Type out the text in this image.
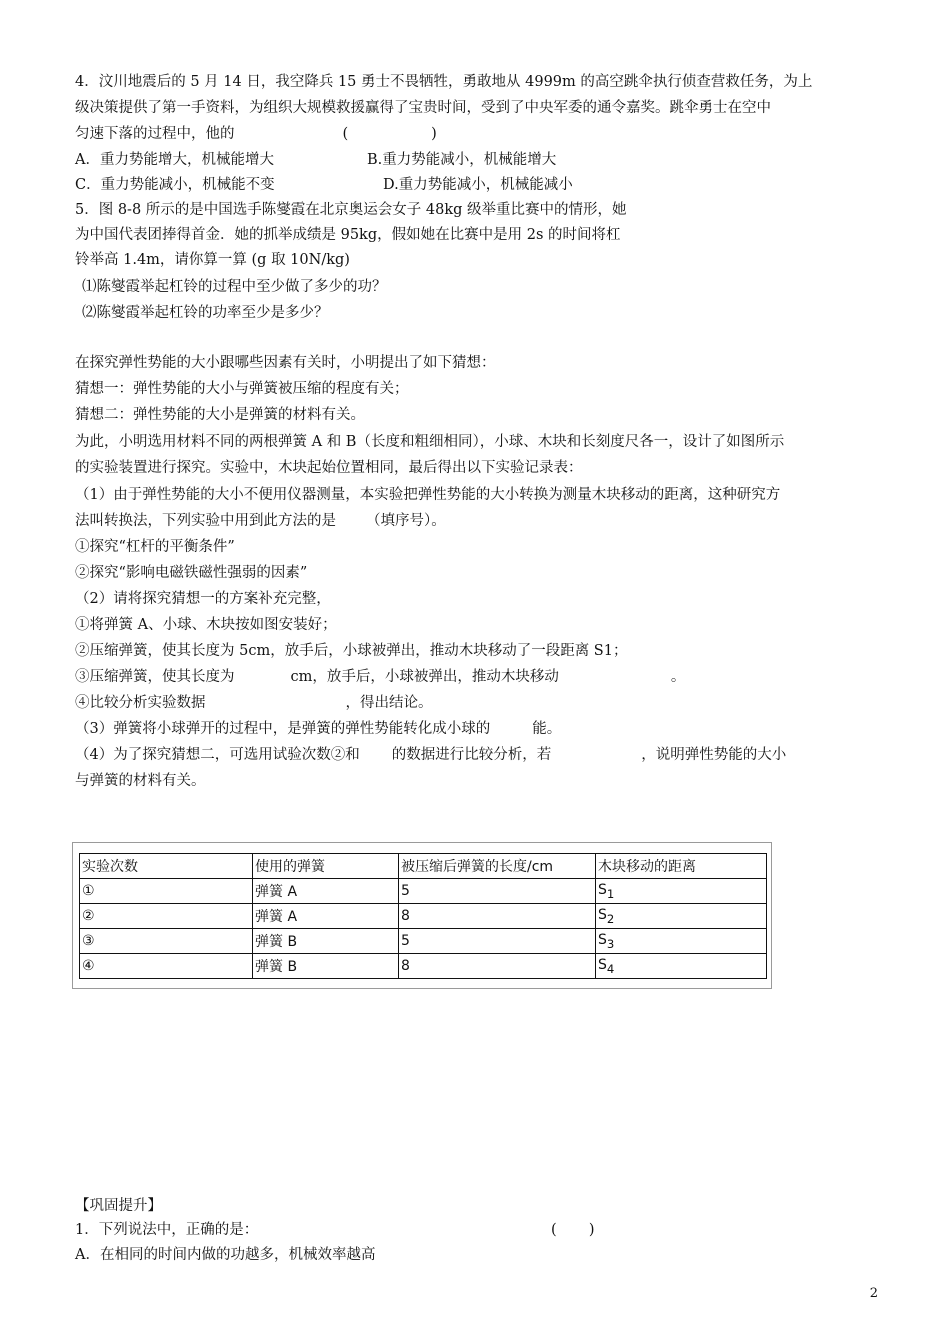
4．汶川地震后的 5 月 14 日，我空降兵 15 勇士不畏牺牲，勇敢地从 4999m 的高空跳伞执行侦查营救任务，为上
级决策提供了第一手资料，为组织大规模救援赢得了宝贵时间，受到了中央军委的通令嘉奖。跳伞勇士在空中
匀速下落的过程中，他的	(                  )
A．重力势能增大，机械能增大	B.重力势能减小，机械能增大
C．重力势能减小，机械能不变	D.重力势能减小，机械能减小
5．图 8-8 所示的是中国选手陈燮霞在北京奥运会女子 48kg 级举重比赛中的情形，她
为中国代表团捧得首金．她的抓举成绩是 95kg，假如她在比赛中是用 2s 的时间将杠
铃举高 1.4m，请你算一算 (g 取 10N/kg)
⑴陈燮霞举起杠铃的过程中至少做了多少的功？
⑵陈燮霞举起杠铃的功率至少是多少？
在探究弹性势能的大小跟哪些因素有关时，小明提出了如下猜想：
猜想一：弹性势能的大小与弹簧被压缩的程度有关；
猜想二：弹性势能的大小是弹簧的材料有关。
为此，小明选用材料不同的两根弹簧 A 和 B（长度和粗细相同），小球、木块和长刻度尺各一，设计了如图所示
的实验装置进行探究。实验中，木块起始位置相同，最后得出以下实验记录表：
（1）由于弹性势能的大小不便用仪器测量，本实验把弹性势能的大小转换为测量木块移动的距离，这种研究方
法叫转换法，下列实验中用到此方法的是 （填序号）。
①探究“杠杆的平衡条件”
②探究“影响电磁铁磁性强弱的因素”
（2）请将探究猜想一的方案补充完整，
①将弹簧 A、小球、木块按如图安装好；
②压缩弹簧，使其长度为 5cm，放手后，小球被弹出，推动木块移动了一段距离 S1；
③压缩弹簧，使其长度为	cm，放手后，小球被弹出，推动木块移动	。
④比较分析实验数据	，得出结论。
（3）弹簧将小球弹开的过程中，是弹簧的弹性势能转化成小球的	能。
（4）为了探究猜想二，可选用试验次数②和 的数据进行比较分析，若	，说明弹性势能的大小
与弹簧的材料有关。
实验次数	使用的弹簧	被压缩后弹簧的长度/cm	木块移动的距离
①	弹簧 A	5	$S_1$
②	弹簧 A	8	$S_2$
③	弹簧 B	5	$S_3$
④	弹簧 B	8	$S_4$
【巩固提升】
1．下列说法中，正确的是：	(       )
A．在相同的时间内做的功越多，机械效率越高
2
